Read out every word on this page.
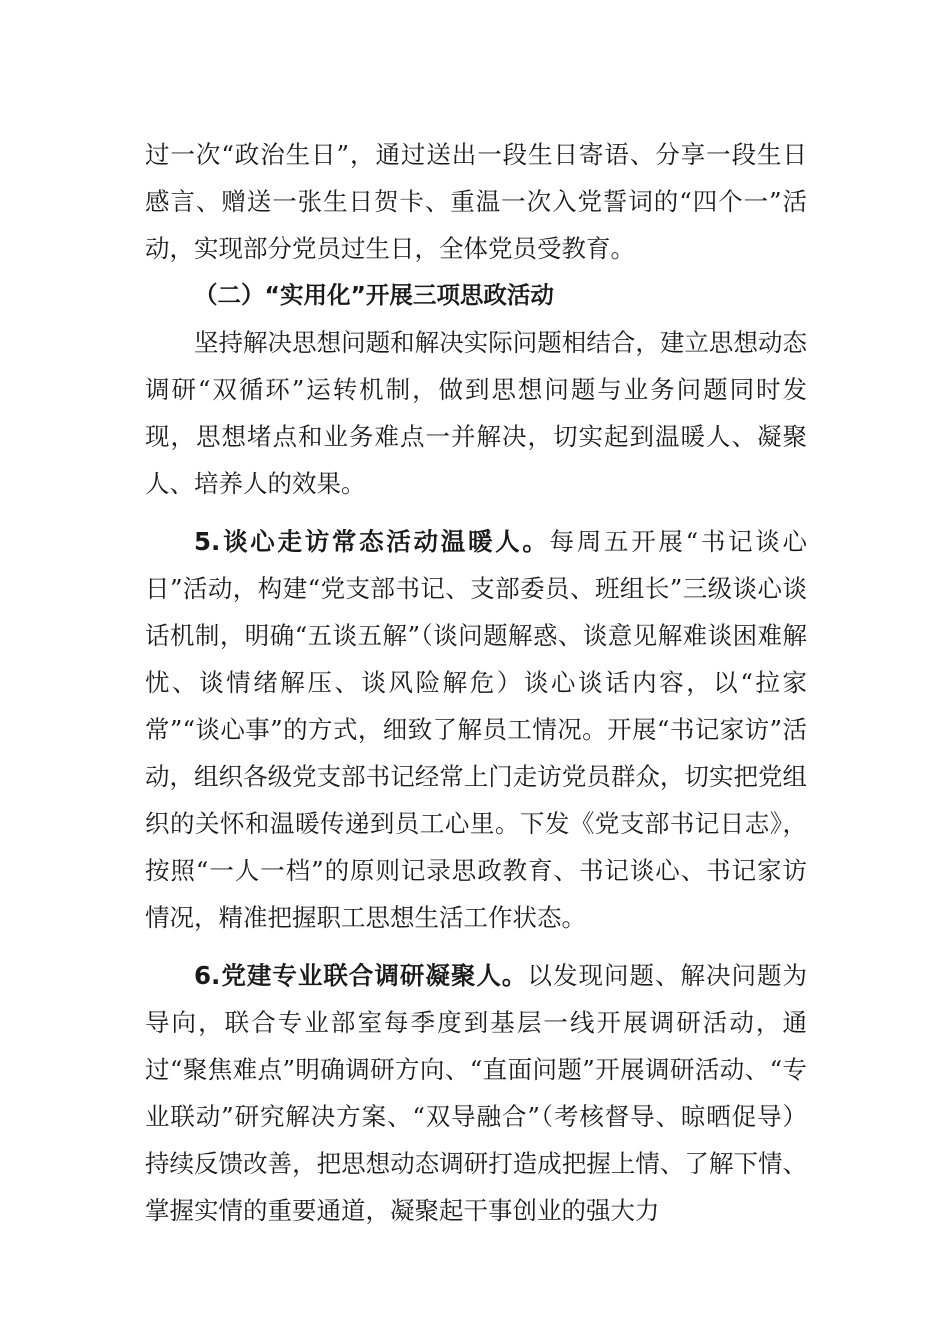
过一次“政治生日”，通过送出一段生日寄语、分享一段生日感言、赠送一张生日贺卡、重温一次入党誓词的“四个一”活动，实现部分党员过生日，全体党员受教育。

（二）“实用化”开展三项思政活动

坚持解决思想问题和解决实际问题相结合，建立思想动态调研“双循环”运转机制，做到思想问题与业务问题同时发现，思想堵点和业务难点一并解决，切实起到温暖人、凝聚人、培养人的效果。

5.谈心走访常态活动温暖人。每周五开展“书记谈心日”活动，构建“党支部书记、支部委员、班组长”三级谈心谈话机制，明确“五谈五解”（谈问题解惑、谈意见解难谈困难解忧、谈情绪解压、谈风险解危）谈心谈话内容，以“拉家常”“谈心事”的方式，细致了解员工情况。开展“书记家访”活动，组织各级党支部书记经常上门走访党员群众，切实把党组织的关怀和温暖传递到员工心里。下发《党支部书记日志》，按照“一人一档”的原则记录思政教育、书记谈心、书记家访情况，精准把握职工思想生活工作状态。

6.党建专业联合调研凝聚人。以发现问题、解决问题为导向，联合专业部室每季度到基层一线开展调研活动，通过“聚焦难点”明确调研方向、“直面问题”开展调研活动、“专业联动”研究解决方案、“双导融合”（考核督导、晾晒促导）持续反馈改善，把思想动态调研打造成把握上情、了解下情、掌握实情的重要通道，凝聚起干事创业的强大力
